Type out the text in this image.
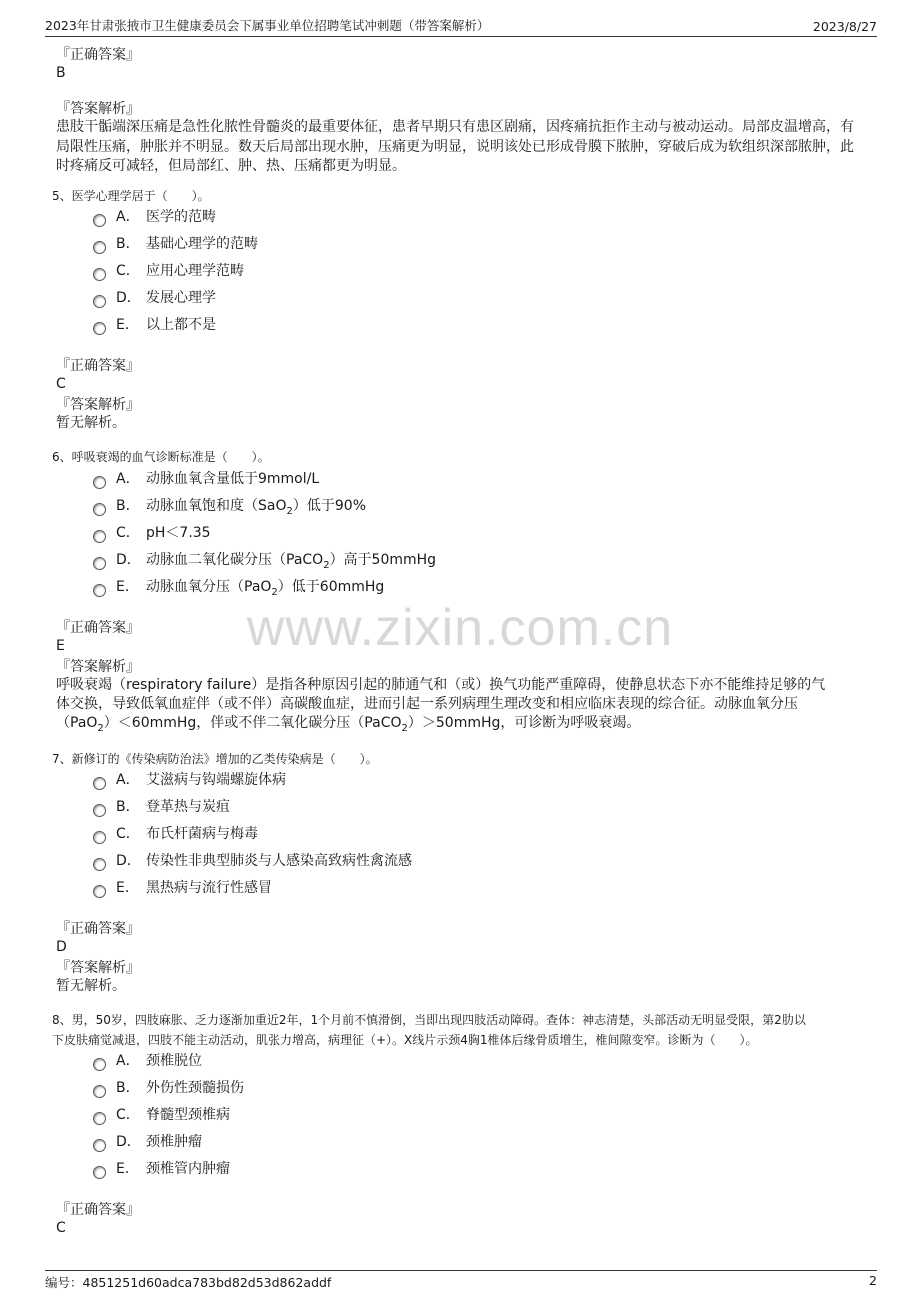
2023年甘肃张掖市卫生健康委员会下属事业单位招聘笔试冲刺题（带答案解析）	2023/8/27
www.zixin.com.cn
『正确答案』
B
『答案解析』
患肢干骺端深压痛是急性化脓性骨髓炎的最重要体征，患者早期只有患区剧痛，因疼痛抗拒作主动与被动运动。局部皮温增高，有局限性压痛，肿胀并不明显。数天后局部出现水肿，压痛更为明显，说明该处已形成骨膜下脓肿，穿破后成为软组织深部脓肿，此时疼痛反可减轻，但局部红、肿、热、压痛都更为明显。
5、医学心理学居于（　　）。
A． 医学的范畴
B． 基础心理学的范畴
C． 应用心理学范畴
D． 发展心理学
E． 以上都不是
『正确答案』
C
『答案解析』
暂无解析。
6、呼吸衰竭的血气诊断标准是（　　）。
A． 动脉血氧含量低于9mmol/L
B． 动脉血氧饱和度（SaO$_2$）低于90%
C． pH＜7.35
D． 动脉血二氧化碳分压（PaCO$_2$）高于50mmHg
E． 动脉血氧分压（PaO$_2$）低于60mmHg
『正确答案』
E
『答案解析』
呼吸衰竭（respiratory failure）是指各种原因引起的肺通气和（或）换气功能严重障碍，使静息状态下亦不能维持足够的气
体交换，导致低氧血症伴（或不伴）高碳酸血症，进而引起一系列病理生理改变和相应临床表现的综合征。动脉血氧分压
（PaO$_2$）＜60mmHg，伴或不伴二氧化碳分压（PaCO$_2$）＞50mmHg，可诊断为呼吸衰竭。
7、新修订的《传染病防治法》增加的乙类传染病是（　　）。
A． 艾滋病与钩端螺旋体病
B． 登革热与炭疽
C． 布氏杆菌病与梅毒
D． 传染性非典型肺炎与人感染高致病性禽流感
E． 黑热病与流行性感冒
『正确答案』
D
『答案解析』
暂无解析。
8、男，50岁，四肢麻胀、乏力逐渐加重近2年，1个月前不慎滑倒，当即出现四肢活动障碍。查体：神志清楚，头部活动无明显受限，第2肋以
下皮肤痛觉减退，四肢不能主动活动，肌张力增高，病理征（+）。X线片示颈4胸1椎体后缘骨质增生，椎间隙变窄。诊断为（　　）。
A． 颈椎脱位
B． 外伤性颈髓损伤
C． 脊髓型颈椎病
D． 颈椎肿瘤
E． 颈椎管内肿瘤
『正确答案』
C
编号：4851251d60adca783bd82d53d862addf	2
